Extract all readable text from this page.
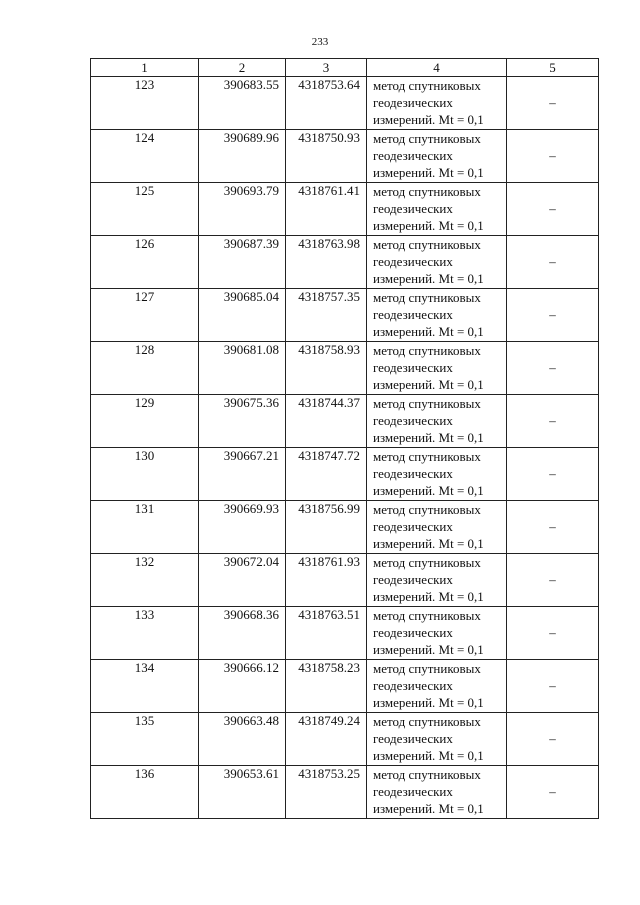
233
1	2	3	4	5
123	390683.55	4318753.64	метод спутниковых
геодезических
измерений. Mt = 0,1	–
124	390689.96	4318750.93	метод спутниковых
геодезических
измерений. Mt = 0,1	–
125	390693.79	4318761.41	метод спутниковых
геодезических
измерений. Mt = 0,1	–
126	390687.39	4318763.98	метод спутниковых
геодезических
измерений. Mt = 0,1	–
127	390685.04	4318757.35	метод спутниковых
геодезических
измерений. Mt = 0,1	–
128	390681.08	4318758.93	метод спутниковых
геодезических
измерений. Mt = 0,1	–
129	390675.36	4318744.37	метод спутниковых
геодезических
измерений. Mt = 0,1	–
130	390667.21	4318747.72	метод спутниковых
геодезических
измерений. Mt = 0,1	–
131	390669.93	4318756.99	метод спутниковых
геодезических
измерений. Mt = 0,1	–
132	390672.04	4318761.93	метод спутниковых
геодезических
измерений. Mt = 0,1	–
133	390668.36	4318763.51	метод спутниковых
геодезических
измерений. Mt = 0,1	–
134	390666.12	4318758.23	метод спутниковых
геодезических
измерений. Mt = 0,1	–
135	390663.48	4318749.24	метод спутниковых
геодезических
измерений. Mt = 0,1	–
136	390653.61	4318753.25	метод спутниковых
геодезических
измерений. Mt = 0,1	–
